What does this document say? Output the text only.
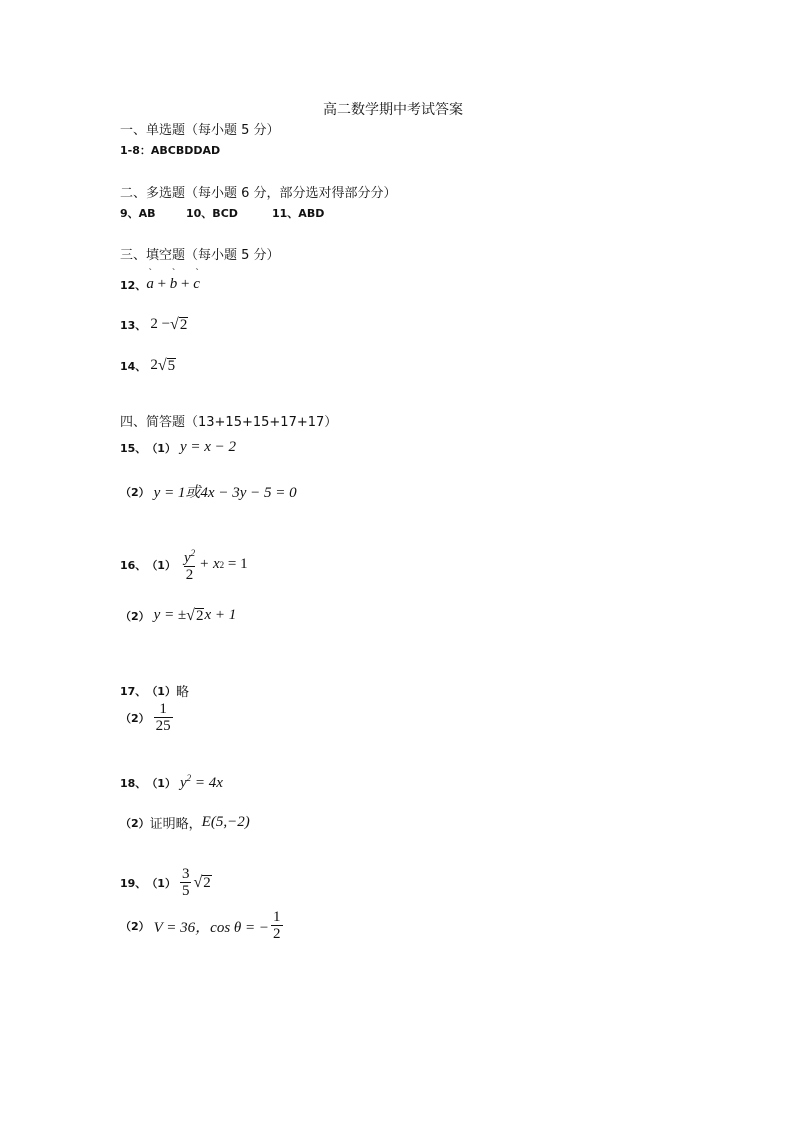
高二数学期中考试答案
一、单选题（每小题 5 分）
1-8：ABCBDDAD
二、多选题（每小题 6 分，部分选对得部分分）
9、AB	10、BCD	11、ABD
三、填空题（每小题 5 分）
12、 ` a + ` b + ` c
13、 2 − √ 2
14、 2 √ 5
四、简答题（13+15+15+17+17）
15、 （1） y = x − 2
（2） y = 1或4x − 3y − 5 = 0
16、 $(1) \frac{y^2}{2} + x$ 2 = 1
（2） y = ± √ 2 x + 1
17、 （1） 略
$(2) \frac{1}{25}$
18、 （1） $y^2 = 4x$
（2） 证明略， E(5,−2)
19、 $(1) \frac{3}{5}$ √ 2
（2） V = 36，cos θ = − $\frac{1}{2}$
